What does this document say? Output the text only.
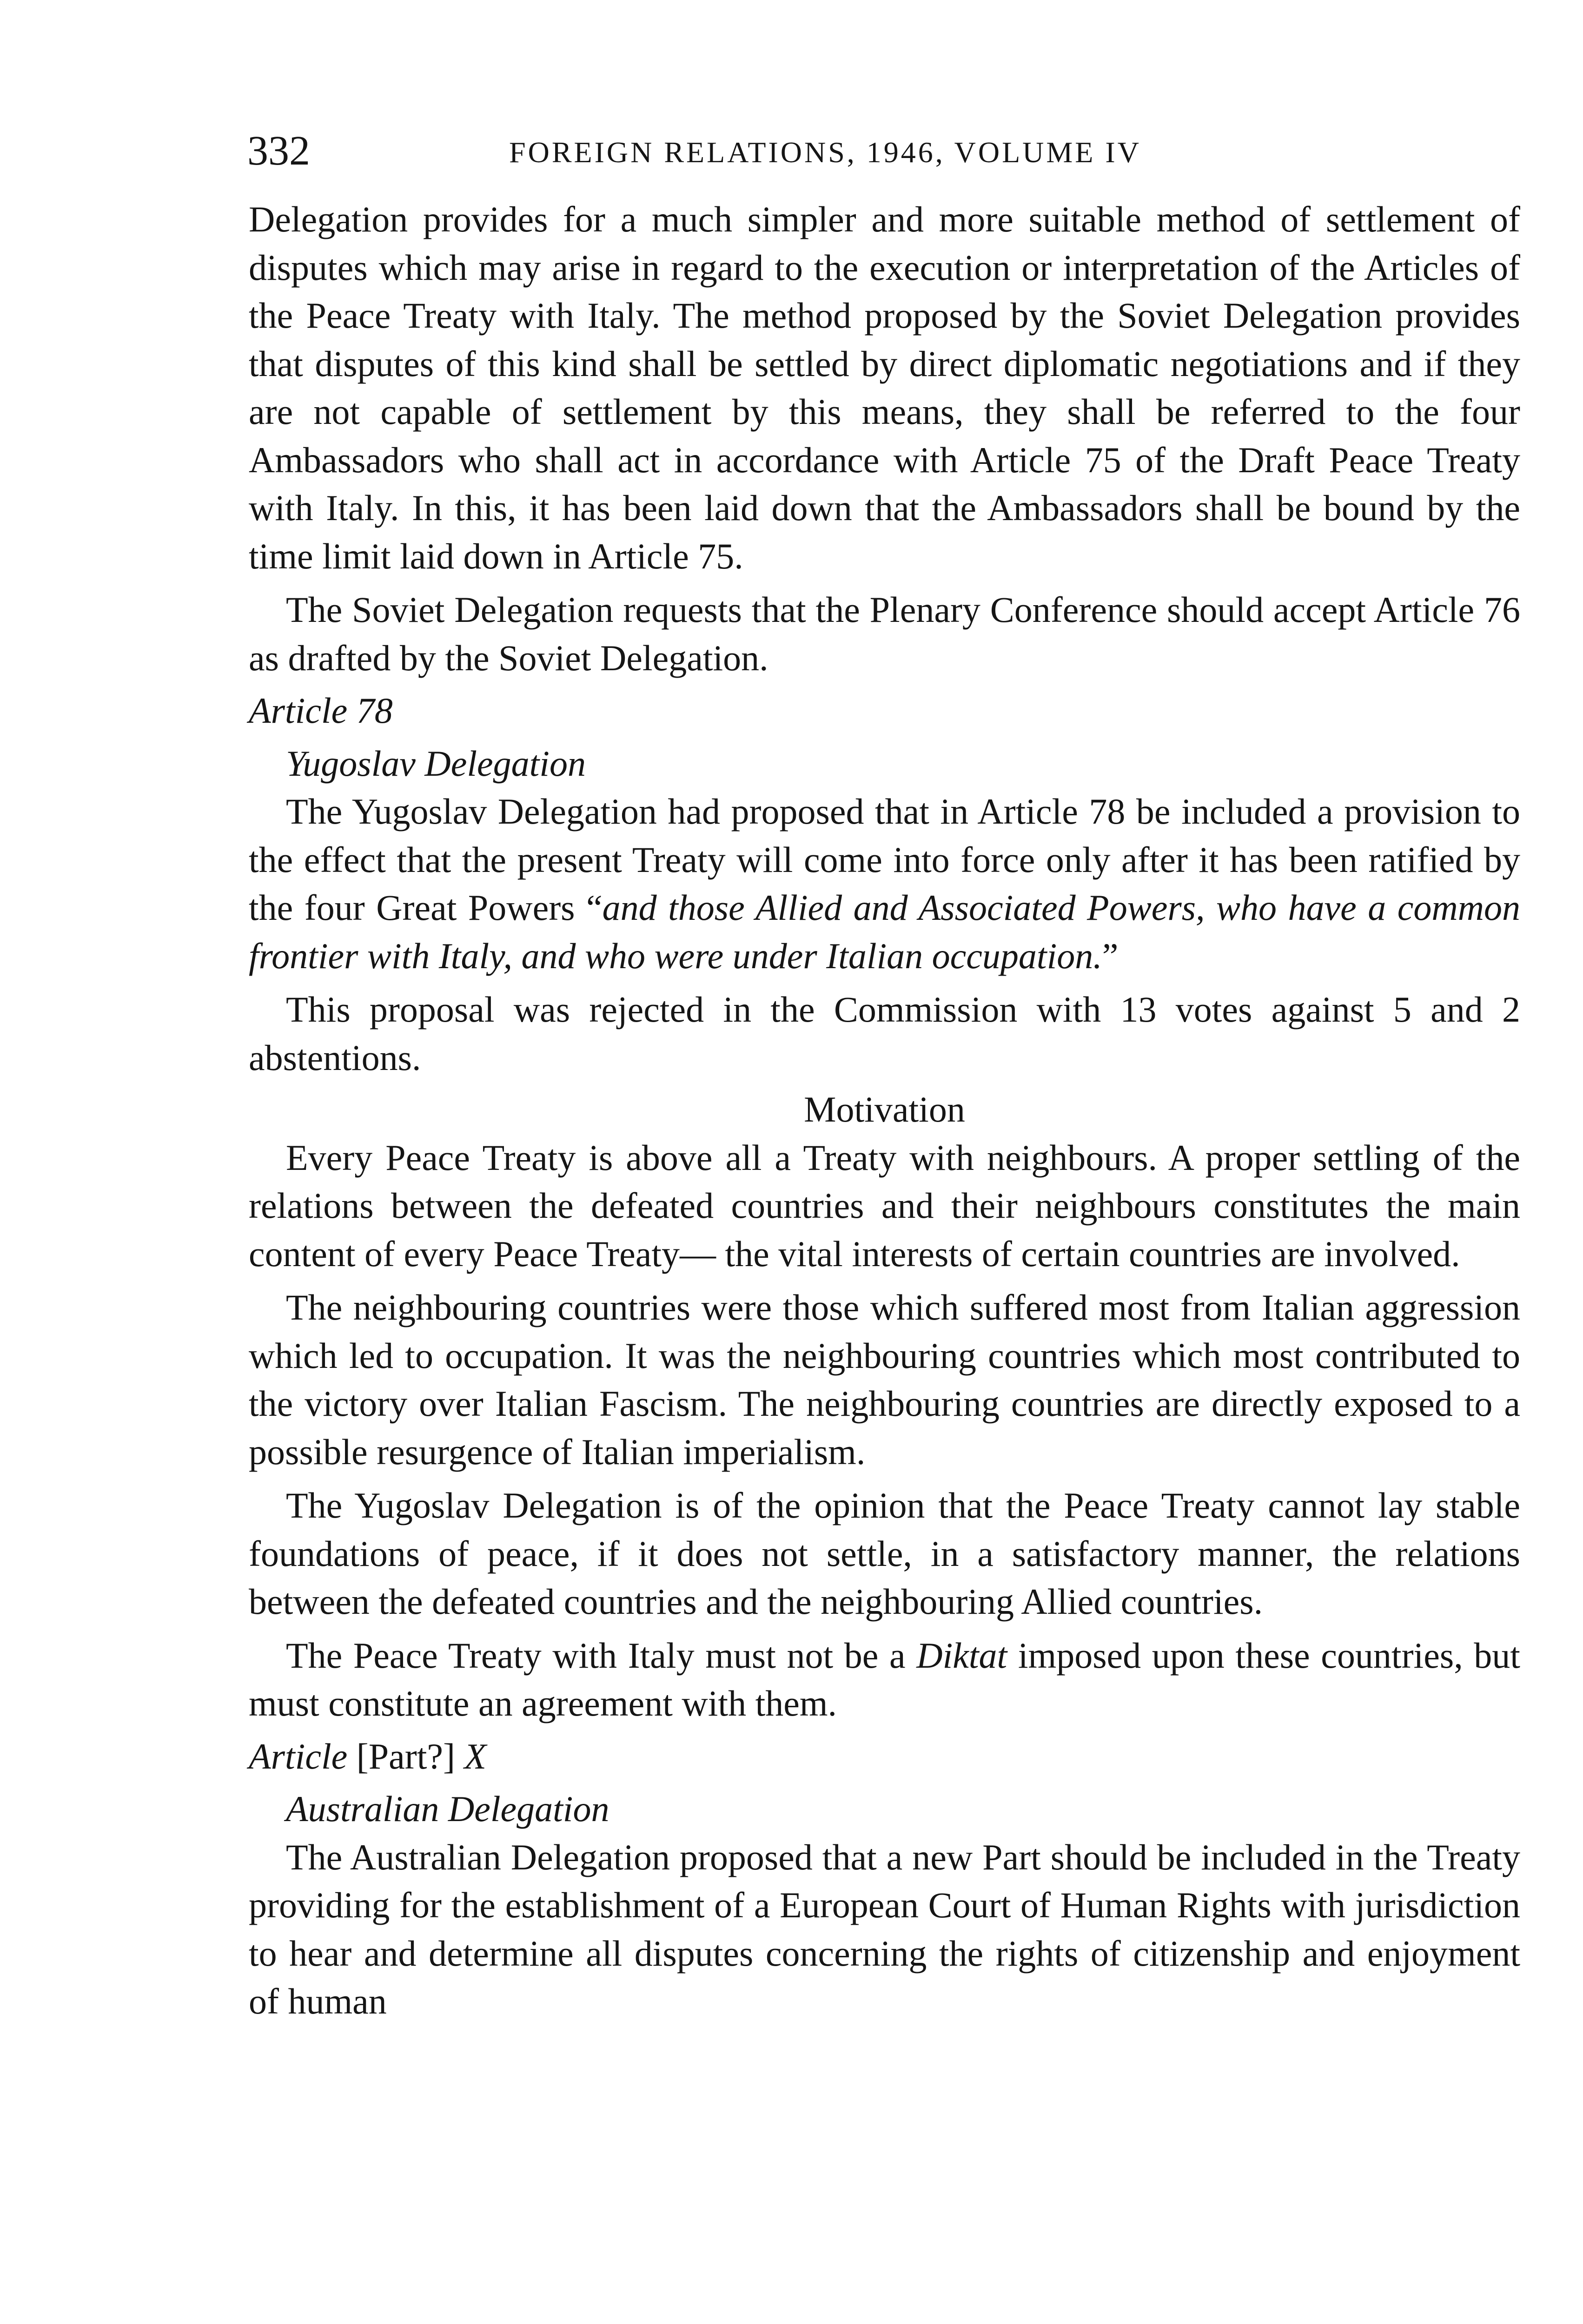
332	FOREIGN RELATIONS, 1946, VOLUME IV

Delegation provides for a much simpler and more suitable method of settlement of disputes which may arise in regard to the execution or interpretation of the Articles of the Peace Treaty with Italy. The method proposed by the Soviet Delegation provides that disputes of this kind shall be settled by direct diplomatic negotiations and if they are not capable of settlement by this means, they shall be referred to the four Ambassadors who shall act in accordance with Article 75 of the Draft Peace Treaty with Italy. In this, it has been laid down that the Ambassadors shall be bound by the time limit laid down in Article 75.

The Soviet Delegation requests that the Plenary Conference should accept Article 76 as drafted by the Soviet Delegation.

Article 78
Yugoslav Delegation

The Yugoslav Delegation had proposed that in Article 78 be included a provision to the effect that the present Treaty will come into force only after it has been ratified by the four Great Powers “and those Allied and Associated Powers, who have a common frontier with Italy, and who were under Italian occupation.”

This proposal was rejected in the Commission with 13 votes against 5 and 2 abstentions.

Motivation

Every Peace Treaty is above all a Treaty with neighbours. A proper settling of the relations between the defeated countries and their neighbours constitutes the main content of every Peace Treaty— the vital interests of certain countries are involved.

The neighbouring countries were those which suffered most from Italian aggression which led to occupation. It was the neighbouring countries which most contributed to the victory over Italian Fascism. The neighbouring countries are directly exposed to a possible resurgence of Italian imperialism.

The Yugoslav Delegation is of the opinion that the Peace Treaty cannot lay stable foundations of peace, if it does not settle, in a satisfactory manner, the relations between the defeated countries and the neighbouring Allied countries.

The Peace Treaty with Italy must not be a Diktat imposed upon these countries, but must constitute an agreement with them.

Article [Part?] X
Australian Delegation

The Australian Delegation proposed that a new Part should be included in the Treaty providing for the establishment of a European Court of Human Rights with jurisdiction to hear and determine all disputes concerning the rights of citizenship and enjoyment of human
